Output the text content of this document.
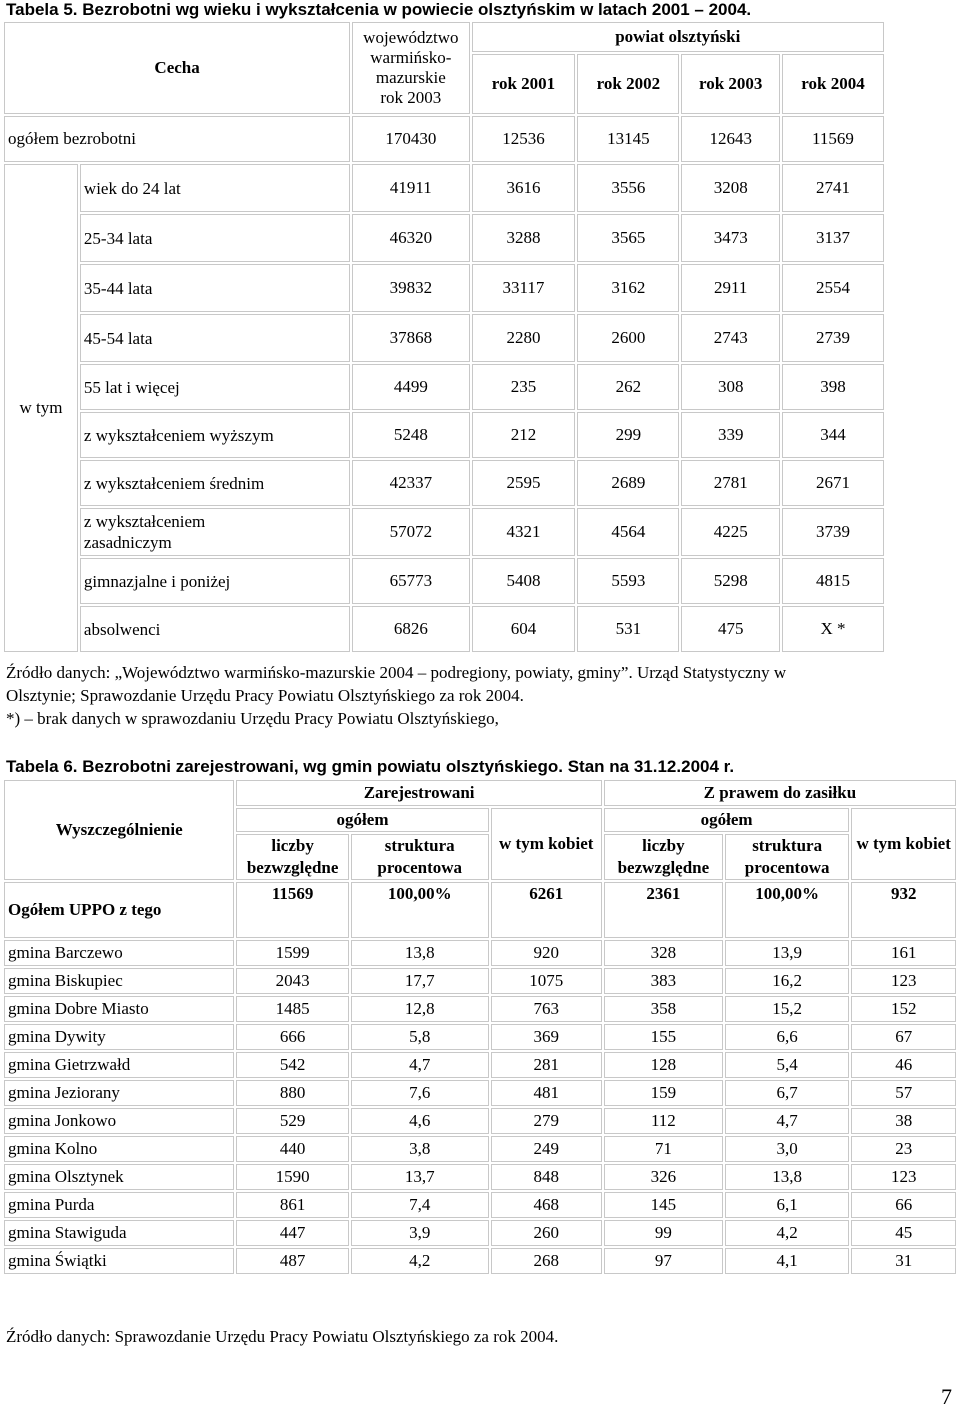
Tabela 5. Bezrobotni wg wieku i wykształcenia w powiecie olsztyńskim w latach 2001 – 2004.
Cecha		województwo warmińsko-mazurskie rok 2003	powiat olsztyński			
			rok 2001	rok 2002	rok 2003	rok 2004
ogółem bezrobotni		170430	12536	13145	12643	11569
w tym	wiek do 24 lat	41911	3616	3556	3208	2741
	25-34 lata	46320	3288	3565	3473	3137
	35-44 lata	39832	33117	3162	2911	2554
	45-54 lata	37868	2280	2600	2743	2739
	55 lat i więcej	4499	235	262	308	398
	z wykształceniem wyższym	5248	212	299	339	344
	z wykształceniem średnim	42337	2595	2689	2781	2671
	z wykształceniem zasadniczym	57072	4321	4564	4225	3739
	gimnazjalne i poniżej	65773	5408	5593	5298	4815
	absolwenci	6826	604	531	475	X *
Źródło danych: „Województwo warmińsko-mazurskie 2004 – podregiony, powiaty, gminy”. Urząd Statystyczny w
Olsztynie; Sprawozdanie Urzędu Pracy Powiatu Olsztyńskiego za rok 2004.
*) – brak danych w sprawozdaniu Urzędu Pracy Powiatu Olsztyńskiego,
Tabela 6. Bezrobotni zarejestrowani, wg gmin powiatu olsztyńskiego. Stan na 31.12.2004 r.
Wyszczególnienie	Zarejestrowani			Z prawem do zasiłku		
	ogółem		w tym kobiet	ogółem		w tym kobiet
	liczby bezwzględne	struktura procentowa		liczby bezwzględne	struktura procentowa	
Ogółem UPPO z tego	11569	100,00%	6261	2361	100,00%	932
gmina Barczewo	1599	13,8	920	328	13,9	161
gmina Biskupiec	2043	17,7	1075	383	16,2	123
gmina Dobre Miasto	1485	12,8	763	358	15,2	152
gmina Dywity	666	5,8	369	155	6,6	67
gmina Gietrzwałd	542	4,7	281	128	5,4	46
gmina Jeziorany	880	7,6	481	159	6,7	57
gmina Jonkowo	529	4,6	279	112	4,7	38
gmina Kolno	440	3,8	249	71	3,0	23
gmina Olsztynek	1590	13,7	848	326	13,8	123
gmina Purda	861	7,4	468	145	6,1	66
gmina Stawiguda	447	3,9	260	99	4,2	45
gmina Świątki	487	4,2	268	97	4,1	31
Źródło danych: Sprawozdanie Urzędu Pracy Powiatu Olsztyńskiego za rok 2004.
7
